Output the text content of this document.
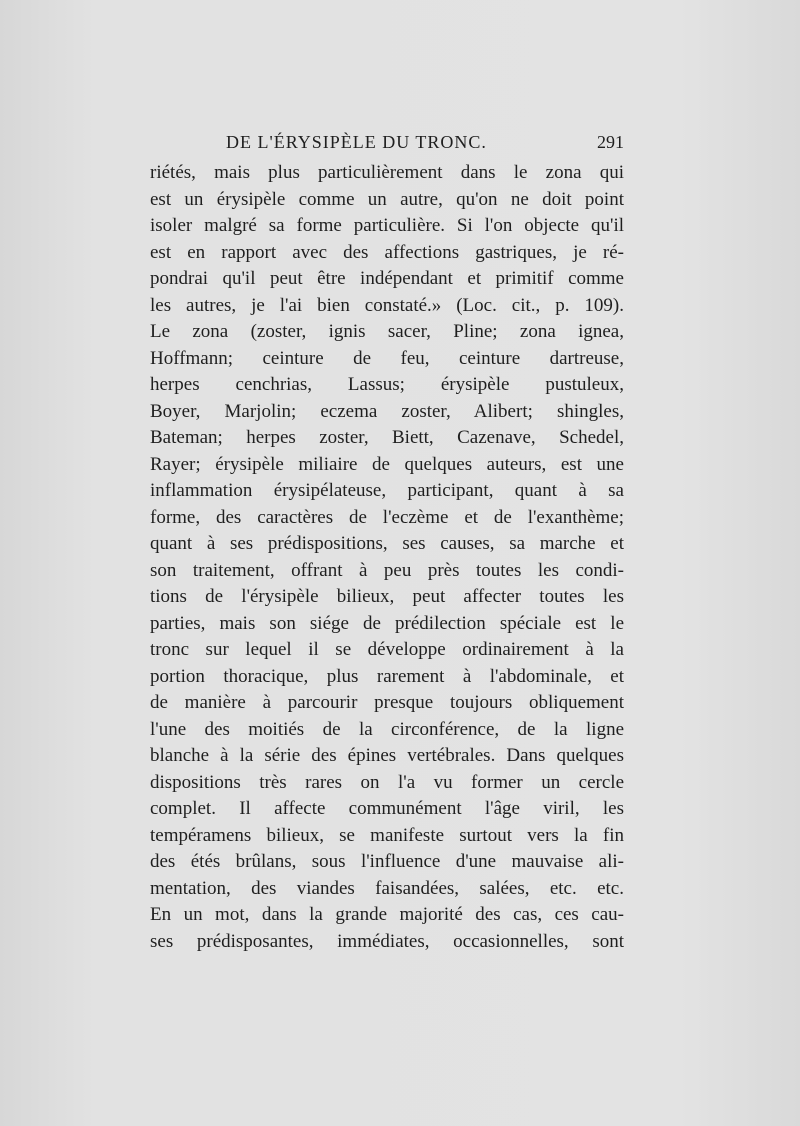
DE L'ÉRYSIPÈLE DU TRONC.	291
riétés, mais plus particulièrement dans le zona qui
est un érysipèle comme un autre, qu'on ne doit point
isoler malgré sa forme particulière. Si l'on objecte qu'il
est en rapport avec des affections gastriques, je ré-
pondrai qu'il peut être indépendant et primitif comme
les autres, je l'ai bien constaté.» (Loc. cit., p. 109).
Le zona (zoster, ignis sacer, Pline; zona ignea,
Hoffmann; ceinture de feu, ceinture dartreuse,
herpes cenchrias, Lassus; érysipèle pustuleux,
Boyer, Marjolin; eczema zoster, Alibert; shingles,
Bateman; herpes zoster, Biett, Cazenave, Schedel,
Rayer; érysipèle miliaire de quelques auteurs, est une
inflammation érysipélateuse, participant, quant à sa
forme, des caractères de l'eczème et de l'exanthème;
quant à ses prédispositions, ses causes, sa marche et
son traitement, offrant à peu près toutes les condi-
tions de l'érysipèle bilieux, peut affecter toutes les
parties, mais son siége de prédilection spéciale est le
tronc sur lequel il se développe ordinairement à la
portion thoracique, plus rarement à l'abdominale, et
de manière à parcourir presque toujours obliquement
l'une des moitiés de la circonférence, de la ligne
blanche à la série des épines vertébrales. Dans quelques
dispositions très rares on l'a vu former un cercle
complet. Il affecte communément l'âge viril, les
tempéramens bilieux, se manifeste surtout vers la fin
des étés brûlans, sous l'influence d'une mauvaise ali-
mentation, des viandes faisandées, salées, etc. etc.
En un mot, dans la grande majorité des cas, ces cau-
ses prédisposantes, immédiates, occasionnelles, sont
